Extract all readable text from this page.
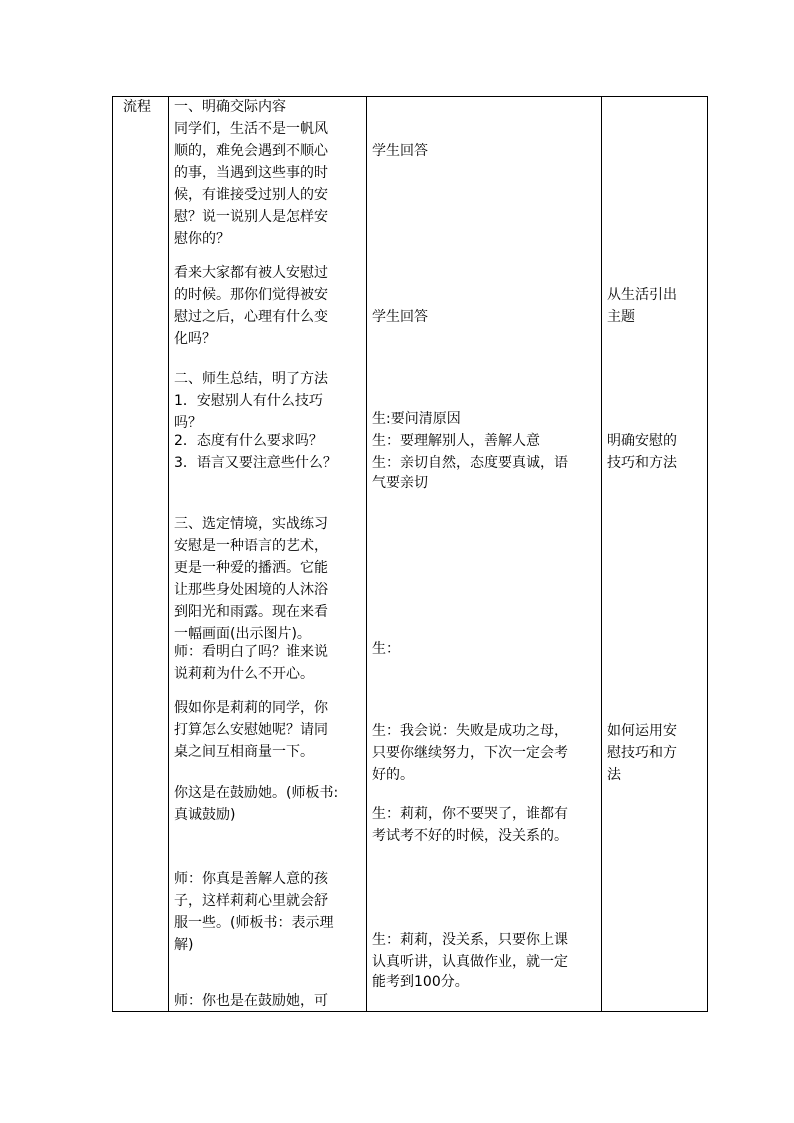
流程 一、明确交际内容
同学们，生活不是一帆风
顺的，难免会遇到不顺心
的事，当遇到这些事的时
候，有谁接受过别人的安
慰？说一说别人是怎样安
慰你的？
看来大家都有被人安慰过
的时候。那你们觉得被安
慰过之后，心理有什么变
化吗？
二、师生总结，明了方法
1．安慰别人有什么技巧
吗？
2．态度有什么要求吗？
3．语言又要注意些什么？
三、选定情境，实战练习
安慰是一种语言的艺术，
更是一种爱的播洒。它能
让那些身处困境的人沐浴
到阳光和雨露。现在来看
一幅画面(出示图片)。
师：看明白了吗？谁来说
说莉莉为什么不开心。
假如你是莉莉的同学，你
打算怎么安慰她呢？请同
桌之间互相商量一下。
你这是在鼓励她。(师板书:
真诚鼓励)
师：你真是善解人意的孩
子，这样莉莉心里就会舒
服一些。(师板书：表示理
解)
师：你也是在鼓励她，可
学生回答
学生回答
生:要问清原因
生：要理解别人，善解人意
生：亲切自然，态度要真诚，语
气要亲切
生：
生：我会说：失败是成功之母，
只要你继续努力，下次一定会考
好的。
生：莉莉，你不要哭了，谁都有
考试考不好的时候，没关系的。
生：莉莉，没关系，只要你上课
认真听讲，认真做作业，就一定
能考到100分。
从生活引出
主题
明确安慰的
技巧和方法
如何运用安
慰技巧和方
法
